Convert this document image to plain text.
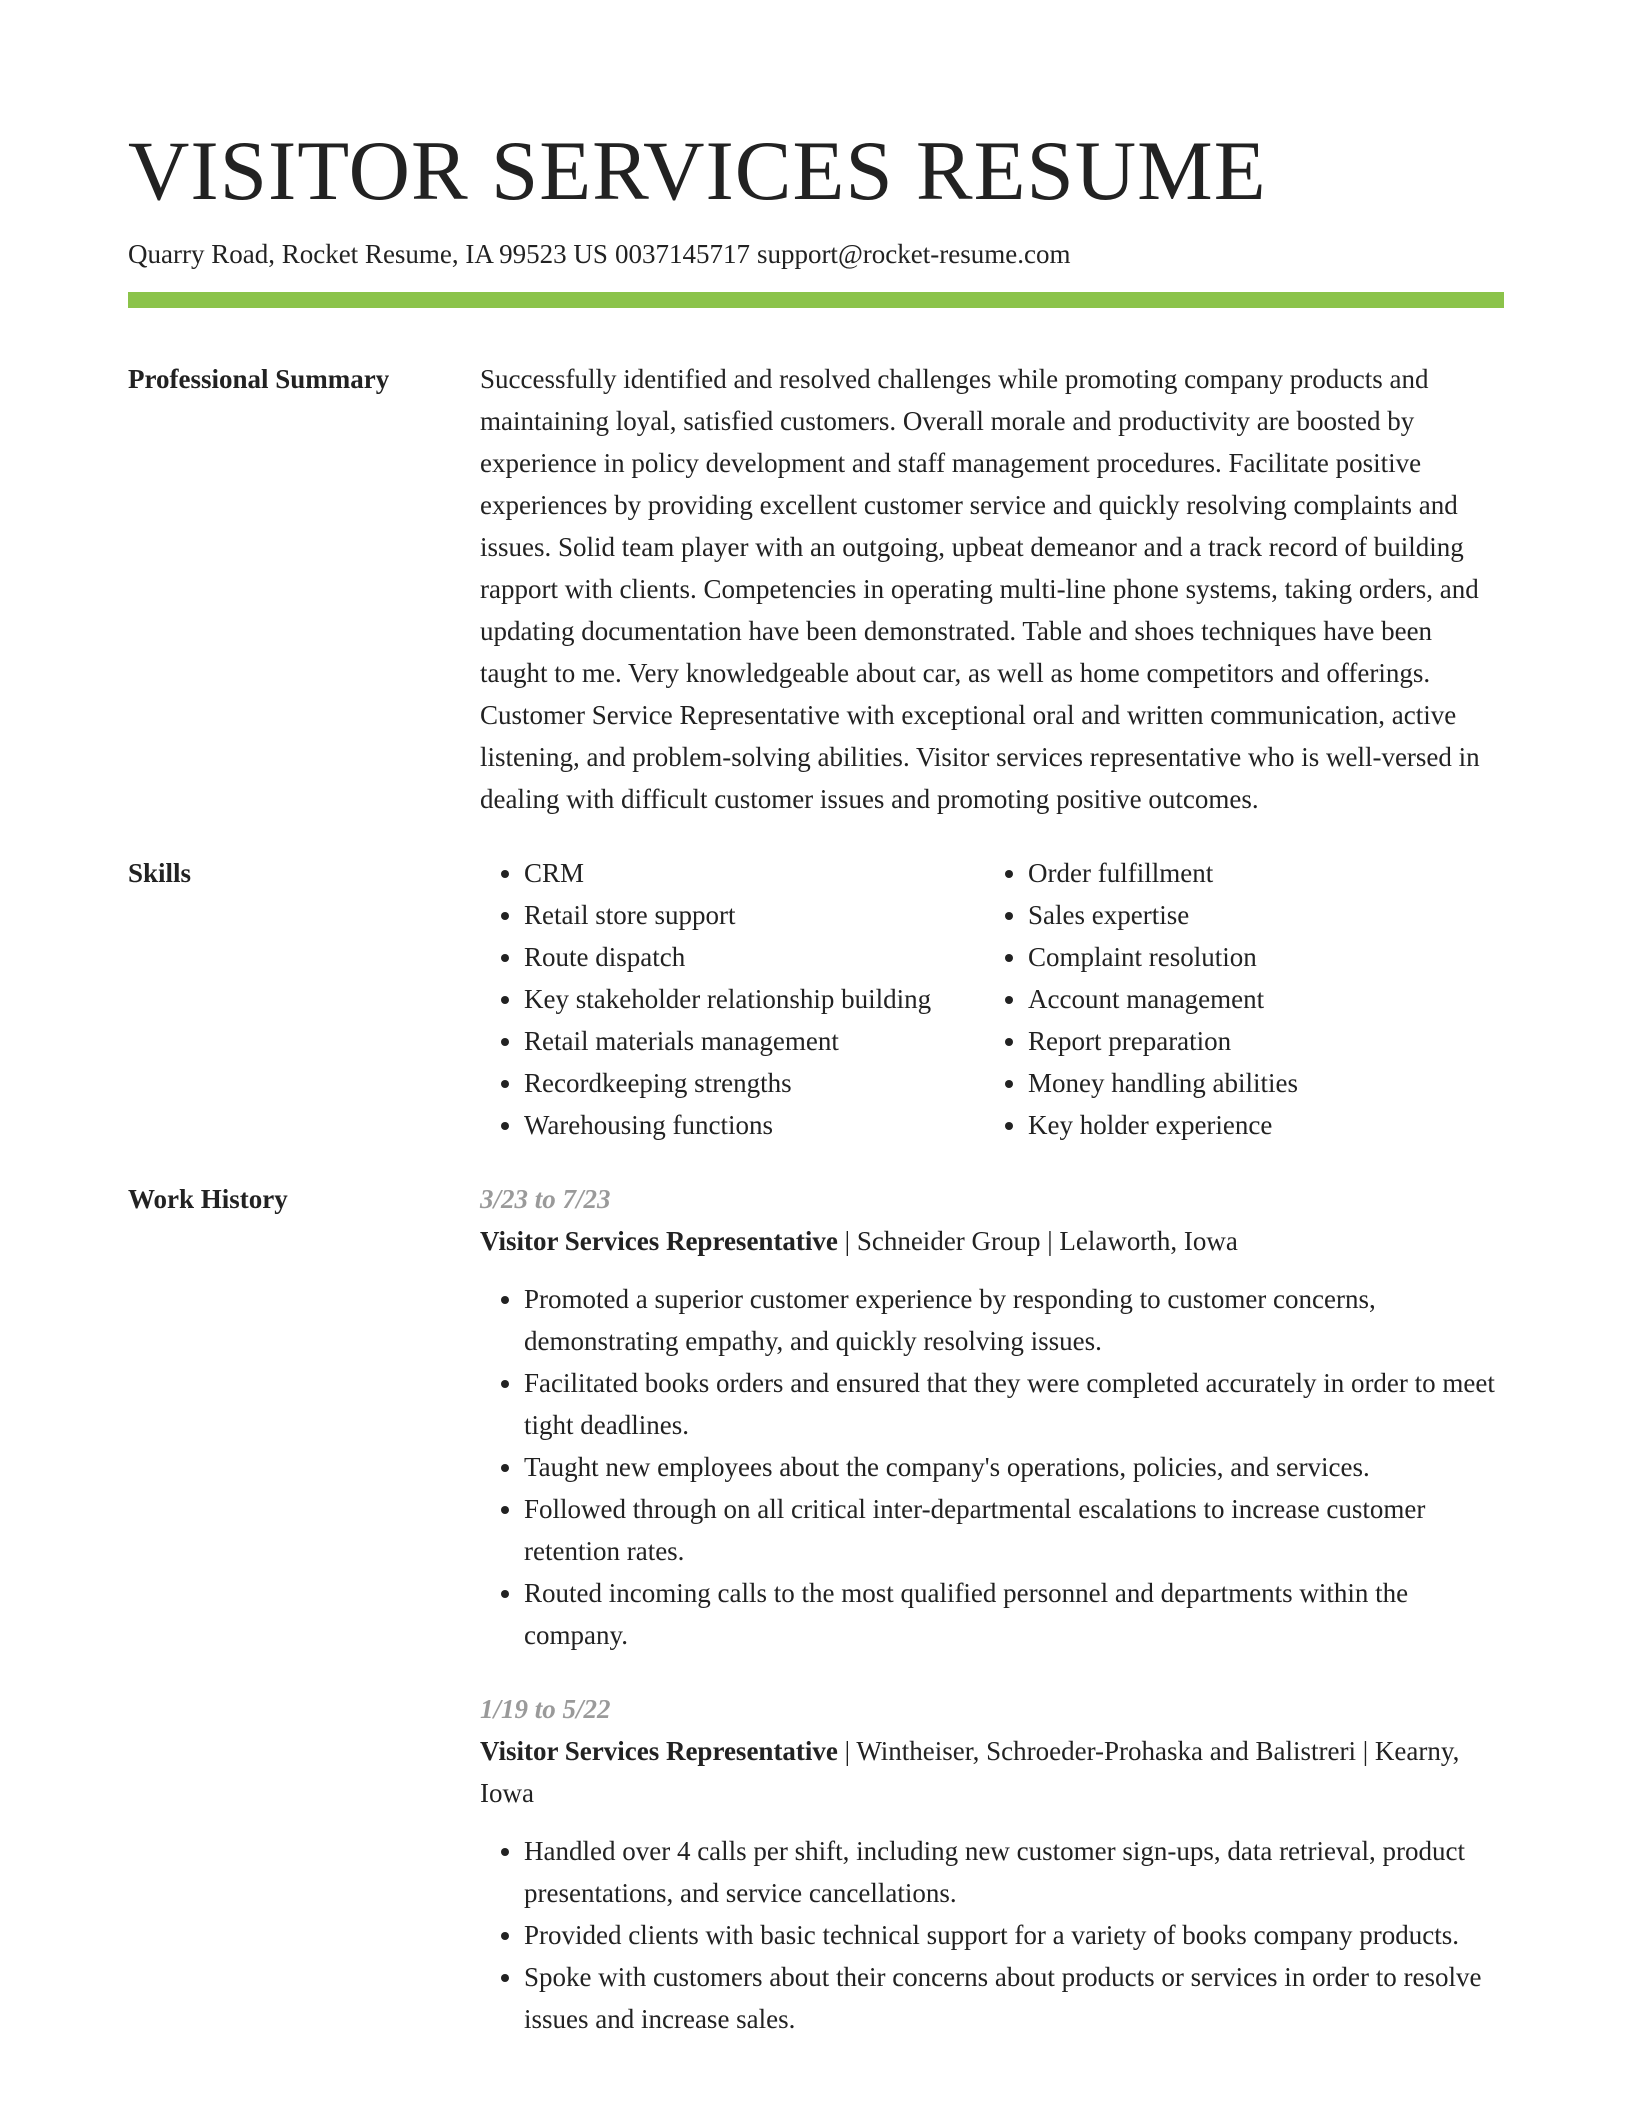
VISITOR SERVICES RESUME
Quarry Road, Rocket Resume, IA 99523 US 0037145717 support@rocket-resume.com
Professional Summary	Successfully identified and resolved challenges while promoting company products and maintaining loyal, satisfied customers. Overall morale and productivity are boosted by experience in policy development and staff management procedures. Facilitate positive experiences by providing excellent customer service and quickly resolving complaints and issues. Solid team player with an outgoing, upbeat demeanor and a track record of building rapport with clients. Competencies in operating multi-line phone systems, taking orders, and updating documentation have been demonstrated. Table and shoes techniques have been taught to me. Very knowledgeable about car, as well as home competitors and offerings. Customer Service Representative with exceptional oral and written communication, active listening, and problem-solving abilities. Visitor services representative who is well-versed in dealing with difficult customer issues and promoting positive outcomes.

Skills
•	CRM
• Retail store support
• Route dispatch
• Key stakeholder relationship building
• Retail materials management
• Recordkeeping strengths
• Warehousing functions
• Order fulfillment
• Sales expertise
• Complaint resolution
• Account management
• Report preparation
• Money handling abilities
• Key holder experience
Work History	3/23 to 7/23
Visitor Services Representative | Schneider Group | Lelaworth, Iowa
• Promoted a superior customer experience by responding to customer concerns, demonstrating empathy, and quickly resolving issues.
• Facilitated books orders and ensured that they were completed accurately in order to meet tight deadlines.
• Taught new employees about the company's operations, policies, and services.
• Followed through on all critical inter-departmental escalations to increase customer retention rates.
• Routed incoming calls to the most qualified personnel and departments within the company.
1/19 to 5/22
Visitor Services Representative | Wintheiser, Schroeder-Prohaska and Balistreri | Kearny, Iowa
• Handled over 4 calls per shift, including new customer sign-ups, data retrieval, product presentations, and service cancellations.
• Provided clients with basic technical support for a variety of books company products.
• Spoke with customers about their concerns about products or services in order to resolve issues and increase sales.
